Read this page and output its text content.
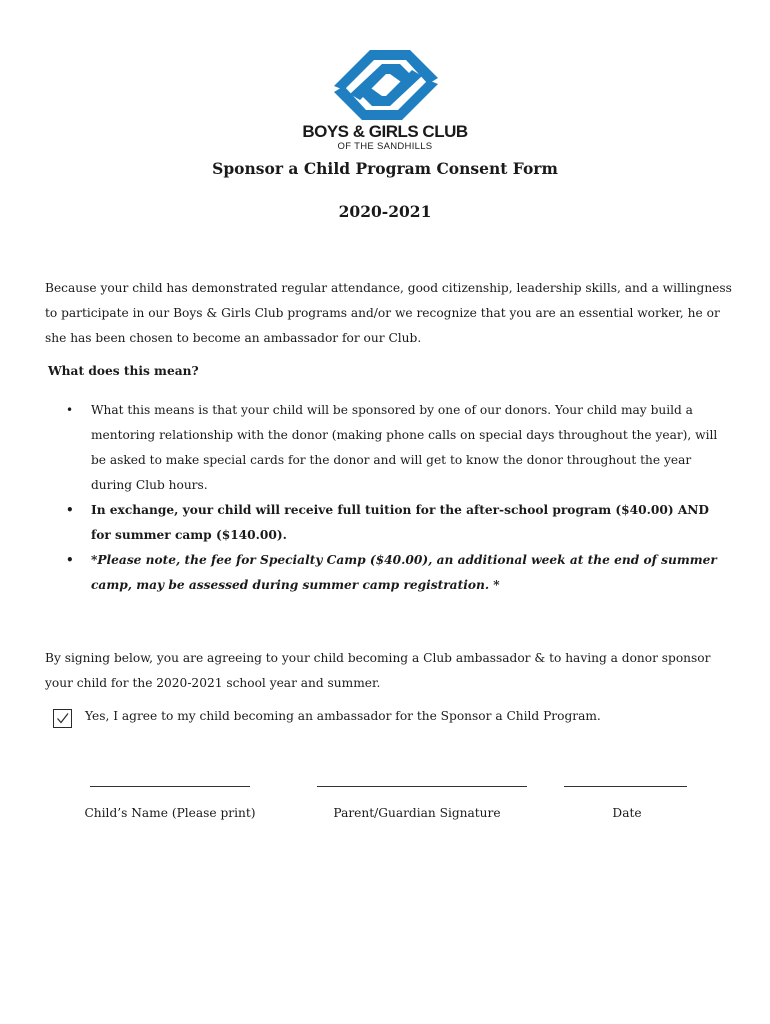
BOYS & GIRLS CLUB
OF THE SANDHILLS
Sponsor a Child Program Consent Form
2020-2021

Because your child has demonstrated regular attendance, good citizenship, leadership skills, and a willingness to participate in our Boys & Girls Club programs and/or we recognize that you are an essential worker, he or she has been chosen to become an ambassador for our Club.

What does this mean?

• What this means is that your child will be sponsored by one of our donors. Your child may build a mentoring relationship with the donor (making phone calls on special days throughout the year), will be asked to make special cards for the donor and will get to know the donor throughout the year during Club hours.
• In exchange, your child will receive full tuition for the after-school program ($40.00) AND for summer camp ($140.00).
• *Please note, the fee for Specialty Camp ($40.00), an additional week at the end of summer camp, may be assessed during summer camp registration. *

By signing below, you are agreeing to your child becoming a Club ambassador & to having a donor sponsor your child for the 2020-2021 school year and summer.

Yes, I agree to my child becoming an ambassador for the Sponsor a Child Program.

Child’s Name (Please print)	Parent/Guardian Signature	Date
